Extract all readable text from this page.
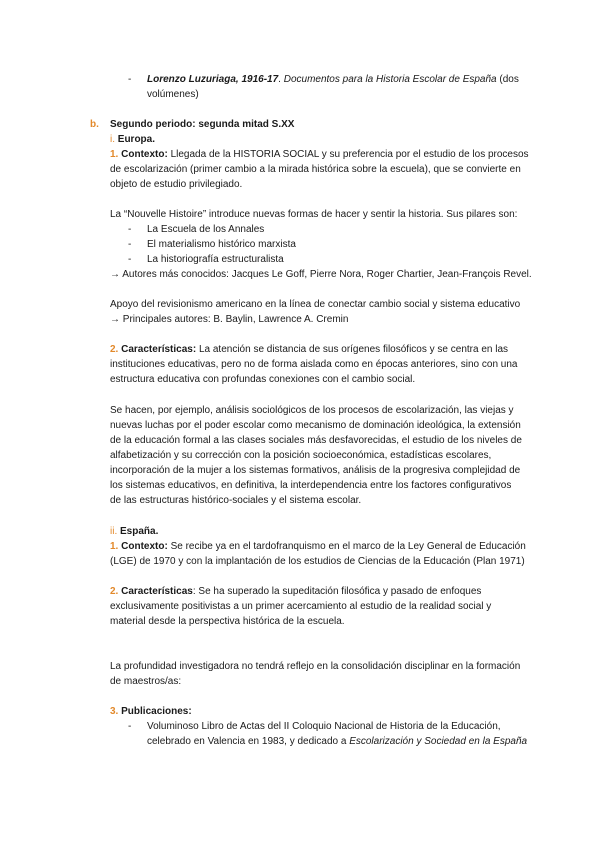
- Lorenzo Luzuriaga, 1916-17. Documentos para la Historia Escolar de España (dos
volúmenes)
b. Segundo periodo: segunda mitad S.XX
i. Europa.
1. Contexto: Llegada de la HISTORIA SOCIAL y su preferencia por el estudio de los procesos
de escolarización (primer cambio a la mirada histórica sobre la escuela), que se convierte en
objeto de estudio privilegiado.
La “Nouvelle Histoire” introduce nuevas formas de hacer y sentir la historia. Sus pilares son:
- La Escuela de los Annales
- El materialismo histórico marxista
- La historiografía estructuralista
→ Autores más conocidos: Jacques Le Goff, Pierre Nora, Roger Chartier, Jean-François Revel.
Apoyo del revisionismo americano en la línea de conectar cambio social y sistema educativo
→ Principales autores: B. Baylin, Lawrence A. Cremin
2. Características: La atención se distancia de sus orígenes filosóficos y se centra en las
instituciones educativas, pero no de forma aislada como en épocas anteriores, sino con una
estructura educativa con profundas conexiones con el cambio social.
Se hacen, por ejemplo, análisis sociológicos de los procesos de escolarización, las viejas y
nuevas luchas por el poder escolar como mecanismo de dominación ideológica, la extensión
de la educación formal a las clases sociales más desfavorecidas, el estudio de los niveles de
alfabetización y su corrección con la posición socioeconómica, estadísticas escolares,
incorporación de la mujer a los sistemas formativos, análisis de la progresiva complejidad de
los sistemas educativos, en definitiva, la interdependencia entre los factores configurativos
de las estructuras histórico-sociales y el sistema escolar.
ii. España.
1. Contexto: Se recibe ya en el tardofranquismo en el marco de la Ley General de Educación
(LGE) de 1970 y con la implantación de los estudios de Ciencias de la Educación (Plan 1971)
2. Características: Se ha superado la supeditación filosófica y pasado de enfoques
exclusivamente positivistas a un primer acercamiento al estudio de la realidad social y
material desde la perspectiva histórica de la escuela.
La profundidad investigadora no tendrá reflejo en la consolidación disciplinar en la formación
de maestros/as:
3. Publicaciones:
- Voluminoso Libro de Actas del II Coloquio Nacional de Historia de la Educación,
celebrado en Valencia en 1983, y dedicado a Escolarización y Sociedad en la España
